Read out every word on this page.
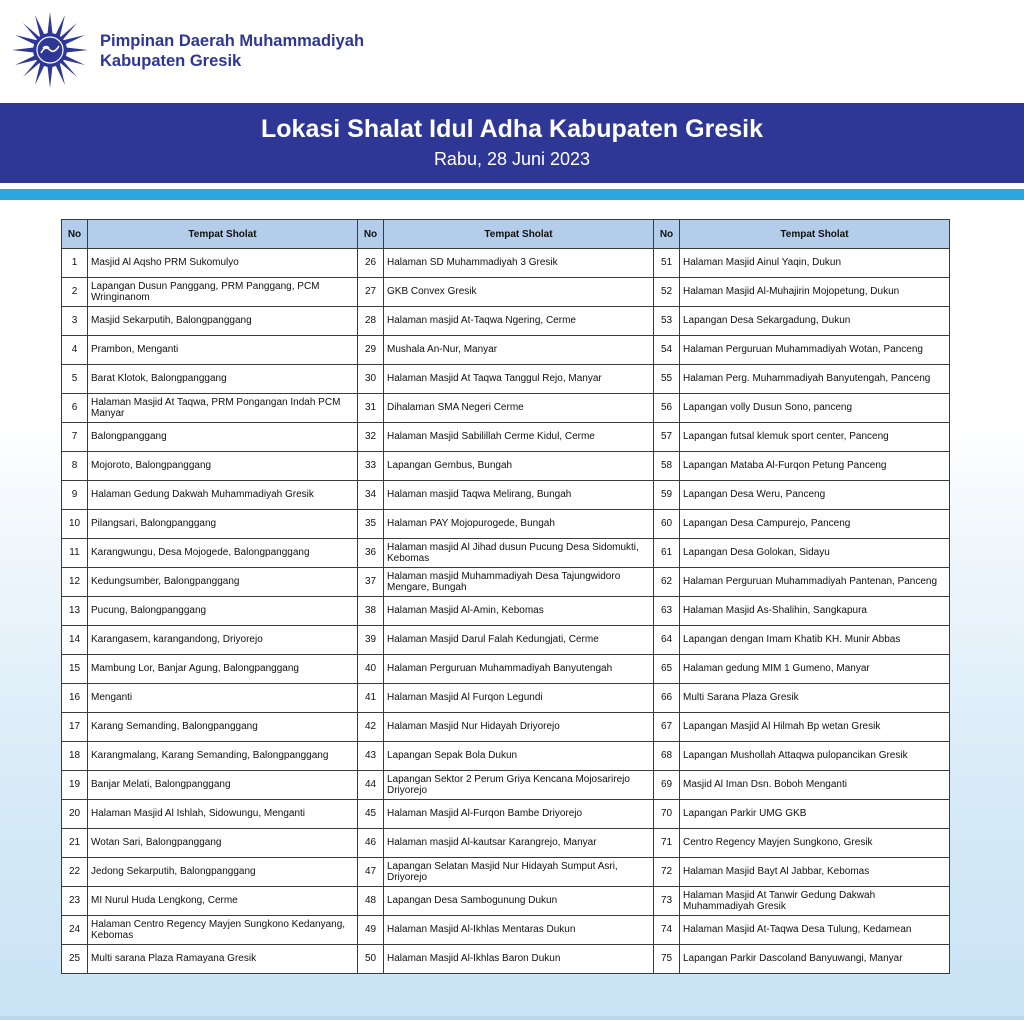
Pimpinan Daerah Muhammadiyah
Kabupaten Gresik
Lokasi Shalat Idul Adha Kabupaten Gresik
Rabu, 28 Juni 2023
No	Tempat Sholat	No	Tempat Sholat	No	Tempat Sholat
1	Masjid Al Aqsho PRM Sukomulyo	26	Halaman SD Muhammadiyah 3 Gresik	51	Halaman Masjid Ainul Yaqin, Dukun
2	Lapangan Dusun Panggang, PRM Panggang, PCM Wringinanom	27	GKB Convex Gresik	52	Halaman Masjid Al-Muhajirin Mojopetung, Dukun
3	Masjid Sekarputih, Balongpanggang	28	Halaman masjid At-Taqwa Ngering, Cerme	53	Lapangan Desa Sekargadung, Dukun
4	Prambon, Menganti	29	Mushala An-Nur, Manyar	54	Halaman Perguruan Muhammadiyah Wotan, Panceng
5	Barat Klotok, Balongpanggang	30	Halaman Masjid At Taqwa Tanggul Rejo, Manyar	55	Halaman Perg. Muhammadiyah Banyutengah, Panceng
6	Halaman Masjid At Taqwa, PRM Pongangan Indah PCM Manyar	31	Dihalaman SMA Negeri Cerme	56	Lapangan volly Dusun Sono, panceng
7	Balongpanggang	32	Halaman Masjid Sabilillah Cerme Kidul, Cerme	57	Lapangan futsal klemuk sport center, Panceng
8	Mojoroto, Balongpanggang	33	Lapangan Gembus, Bungah	58	Lapangan Mataba Al-Furqon Petung Panceng
9	Halaman Gedung Dakwah Muhammadiyah Gresik	34	Halaman masjid Taqwa Melirang, Bungah	59	Lapangan Desa Weru, Panceng
10	Pilangsari, Balongpanggang	35	Halaman PAY Mojopurogede, Bungah	60	Lapangan Desa Campurejo, Panceng
11	Karangwungu, Desa Mojogede, Balongpanggang	36	Halaman masjid Al Jihad dusun Pucung Desa Sidomukti, Kebomas	61	Lapangan Desa Golokan, Sidayu
12	Kedungsumber, Balongpanggang	37	Halaman masjid Muhammadiyah Desa Tajungwidoro Mengare, Bungah	62	Halaman Perguruan Muhammadiyah Pantenan, Panceng
13	Pucung, Balongpanggang	38	Halaman Masjid Al-Amin, Kebomas	63	Halaman Masjid As-Shalihin, Sangkapura
14	Karangasem, karangandong, Driyorejo	39	Halaman Masjid Darul Falah Kedungjati, Cerme	64	Lapangan dengan Imam Khatib KH. Munir Abbas
15	Mambung Lor, Banjar Agung, Balongpanggang	40	Halaman Perguruan Muhammadiyah Banyutengah	65	Halaman gedung MIM 1 Gumeno, Manyar
16	Menganti	41	Halaman Masjid Al Furqon Legundi	66	Multi Sarana Plaza Gresik
17	Karang Semanding, Balongpanggang	42	Halaman Masjid Nur Hidayah Driyorejo	67	Lapangan Masjid Al Hilmah Bp wetan Gresik
18	Karangmalang, Karang Semanding, Balongpanggang	43	Lapangan Sepak Bola Dukun	68	Lapangan Mushollah Attaqwa pulopancikan Gresik
19	Banjar Melati, Balongpanggang	44	Lapangan Sektor 2 Perum Griya Kencana Mojosarirejo Driyorejo	69	Masjid Al Iman Dsn. Boboh Menganti
20	Halaman Masjid Al Ishlah, Sidowungu, Menganti	45	Halaman Masjid Al-Furqon Bambe Driyorejo	70	Lapangan Parkir UMG GKB
21	Wotan Sari, Balongpanggang	46	Halaman masjid Al-kautsar Karangrejo, Manyar	71	Centro Regency Mayjen Sungkono, Gresik
22	Jedong Sekarputih, Balongpanggang	47	Lapangan Selatan Masjid Nur Hidayah Sumput Asri, Driyorejo	72	Halaman Masjid Bayt Al Jabbar, Kebomas
23	MI Nurul Huda Lengkong, Cerme	48	Lapangan Desa Sambogunung Dukun	73	Halaman Masjid At Tanwir Gedung Dakwah Muhammadiyah Gresik
24	Halaman Centro Regency Mayjen Sungkono Kedanyang, Kebomas	49	Halaman Masjid Al-Ikhlas Mentaras Dukun	74	Halaman Masjid At-Taqwa Desa Tulung, Kedamean
25	Multi sarana Plaza Ramayana Gresik	50	Halaman Masjid Al-Ikhlas Baron Dukun	75	Lapangan Parkir Dascoland Banyuwangi, Manyar
